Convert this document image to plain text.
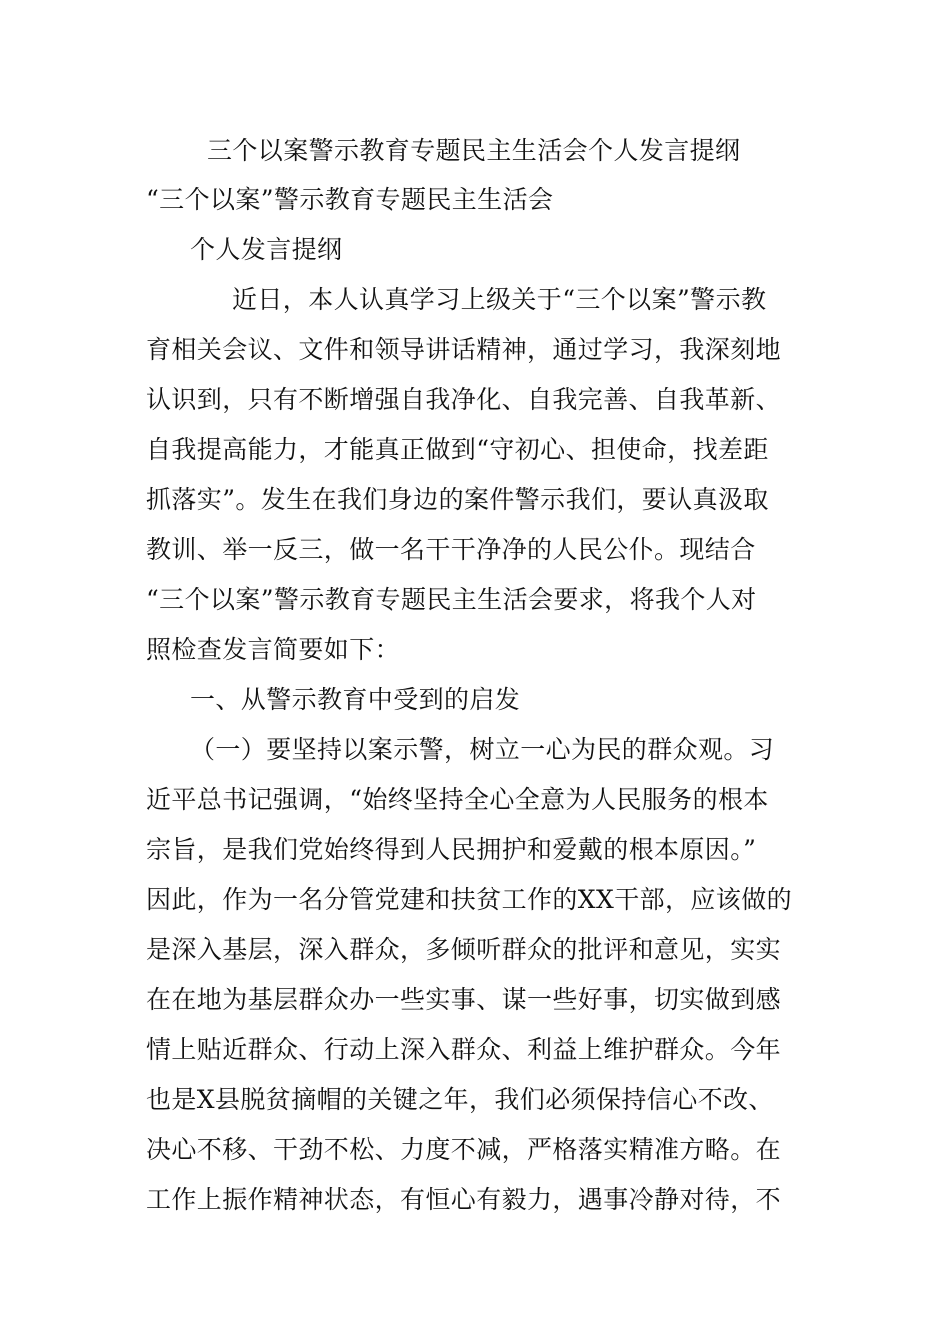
三个以案警示教育专题民主生活会个人发言提纲
“三个以案”警示教育专题民主生活会
个人发言提纲
近日，本人认真学习上级关于“三个以案”警示教
育相关会议、文件和领导讲话精神，通过学习，我深刻地
认识到，只有不断增强自我净化、自我完善、自我革新、
自我提高能力，才能真正做到“守初心、担使命，找差距
抓落实”。发生在我们身边的案件警示我们，要认真汲取
教训、举一反三，做一名干干净净的人民公仆。现结合
“三个以案”警示教育专题民主生活会要求，将我个人对
照检查发言简要如下：
一、从警示教育中受到的启发
（一）要坚持以案示警，树立一心为民的群众观。习
近平总书记强调，“始终坚持全心全意为人民服务的根本
宗旨，是我们党始终得到人民拥护和爱戴的根本原因。”
因此，作为一名分管党建和扶贫工作的XX干部，应该做的
是深入基层，深入群众，多倾听群众的批评和意见，实实
在在地为基层群众办一些实事、谋一些好事，切实做到感
情上贴近群众、行动上深入群众、利益上维护群众。今年
也是X县脱贫摘帽的关键之年，我们必须保持信心不改、
决心不移、干劲不松、力度不减，严格落实精准方略。在
工作上振作精神状态，有恒心有毅力，遇事冷静对待，不
